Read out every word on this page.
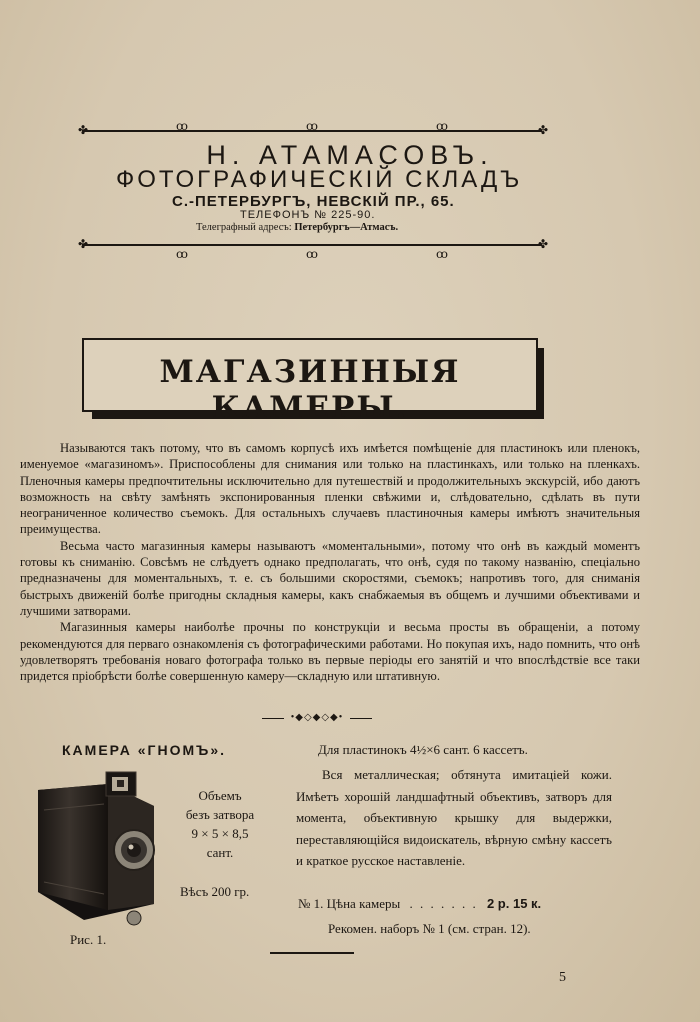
✤	ꝏ	ꝏ	ꝏ	✤
Н. АТАМАСОВЪ.
ФОТОГРАФИЧЕСКIЙ СКЛАДЪ
С.-ПЕТЕРБУРГЪ, НЕВСКIЙ ПР., 65.
ТЕЛЕФОНЪ № 225-90.
Телеграфный адресъ: Петербургъ—Атмасъ.
✤
ꝏ	ꝏ	ꝏ
✤
МАГАЗИННЫЯ КАМЕРЫ.

Называются такъ потому, что въ самомъ корпусѣ ихъ имѣется помѣщенiе для пластинокъ или пленокъ, именуемое «магазиномъ». Приспособлены для снимания или только на пластинкахъ, или только на пленкахъ. Пленочныя камеры предпочтительны исключительно для путешествiй и продолжительныхъ экскурсiй, ибо даютъ возможность на свѣту замѣнять экспонированныя пленки свѣжими и, слѣдовательно, сдѣлать въ пути неограниченное количество съемокъ. Для остальныхъ случаевъ пластиночныя камеры имѣютъ значительныя преимущества.

Весьма часто магазинныя камеры называютъ «моментальными», потому что онѣ въ каждый моментъ готовы къ сниманiю. Совсѣмъ не слѣдуетъ однако предполагать, что онѣ, судя по такому названiю, спецiально предназначены для моментальныхъ, т. е. съ большими скоростями, съемокъ; напротивъ того, для сниманiя быстрыхъ движенiй болѣе пригодны складныя камеры, какъ снабжаемыя въ общемъ и лучшими объективами и лучшими затворами.

Магазинныя камеры наиболѣе прочны по конструкцiи и весьма просты въ обращенiи, а потому рекомендуются для перваго ознакомленiя съ фотографическими работами. Но покупая ихъ, надо помнить, что онѣ удовлетворятъ требованiя новаго фотографа только въ первые перiоды его занятiй и что впослѣдствiе все таки придется прiобрѣсти болѣе совершенную камеру—складную или штативную.

•◆◇◆◇◆•
КАМЕРА «ГНОМЪ».
Объемъ
безъ затвора
9 × 5 × 8,5
сант.
Вѣсъ 200 гр.
Рис. 1.
Для пластинокъ 4½×6 сант. 6 кассетъ.

Вся металлическая; обтянута имитацiей кожи. Имѣетъ хорошiй ландшафтный объективъ, затворъ для момента, объективную крышку для выдержки, переставляющiйся видоискатель, вѣрную смѣну кассетъ и краткое русское наставленiе.

№ 1. Цѣна камеры . . . . . . . 2 р. 15 к.
Рекомен. наборъ № 1 (см. стран. 12).
5
